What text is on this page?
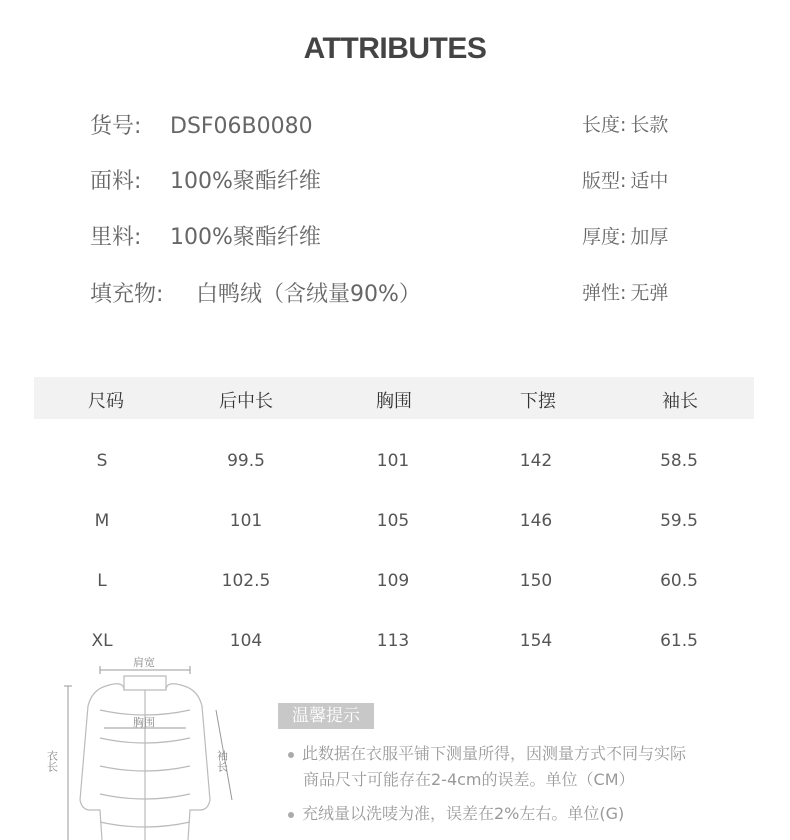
ATTRIBUTES
货号: DSF06B0080
面料: 100%聚酯纤维
里料: 100%聚酯纤维
填充物: 白鸭绒（含绒量90%）
长度: 长款
版型: 适中
厚度: 加厚
弹性: 无弹
尺码	后中长	胸围	下摆	袖长
S	99.5	101	142	58.5
M	101	105	146	59.5
L	102.5	109	150	60.5
XL	104	113	154	61.5
肩宽
衣长	袖长
胸围	温馨提示
此数据在衣服平铺下测量所得，因测量方式不同与实际
商品尺寸可能存在2-4cm的误差。单位（CM）
充绒量以洗唛为准，误差在2%左右。单位(G)
